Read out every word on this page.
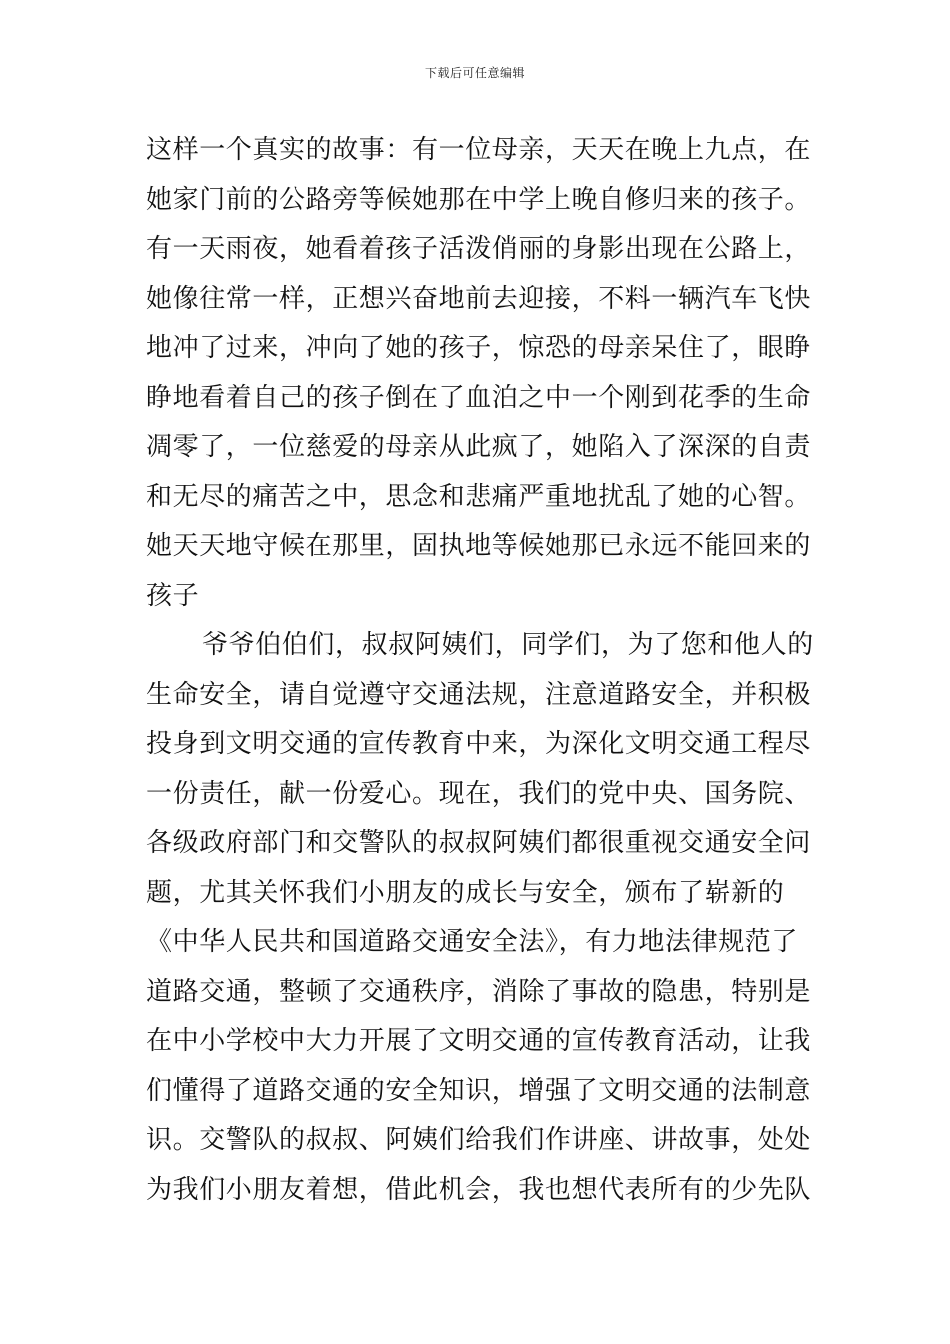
下载后可任意编辑
这样一个真实的故事：有一位母亲，天天在晚上九点，在
她家门前的公路旁等候她那在中学上晚自修归来的孩子。
有一天雨夜，她看着孩子活泼俏丽的身影出现在公路上，
她像往常一样，正想兴奋地前去迎接，不料一辆汽车飞快
地冲了过来，冲向了她的孩子，惊恐的母亲呆住了，眼睁
睁地看着自己的孩子倒在了血泊之中一个刚到花季的生命
凋零了，一位慈爱的母亲从此疯了，她陷入了深深的自责
和无尽的痛苦之中，思念和悲痛严重地扰乱了她的心智。
她天天地守候在那里，固执地等候她那已永远不能回来的
孩子
爷爷伯伯们，叔叔阿姨们，同学们，为了您和他人的
生命安全，请自觉遵守交通法规，注意道路安全，并积极
投身到文明交通的宣传教育中来，为深化文明交通工程尽
一份责任，献一份爱心。现在，我们的党中央、国务院、
各级政府部门和交警队的叔叔阿姨们都很重视交通安全问
题，尤其关怀我们小朋友的成长与安全，颁布了崭新的
《中华人民共和国道路交通安全法》，有力地法律规范了
道路交通，整顿了交通秩序，消除了事故的隐患，特别是
在中小学校中大力开展了文明交通的宣传教育活动，让我
们懂得了道路交通的安全知识，增强了文明交通的法制意
识。交警队的叔叔、阿姨们给我们作讲座、讲故事，处处
为我们小朋友着想，借此机会，我也想代表所有的少先队
